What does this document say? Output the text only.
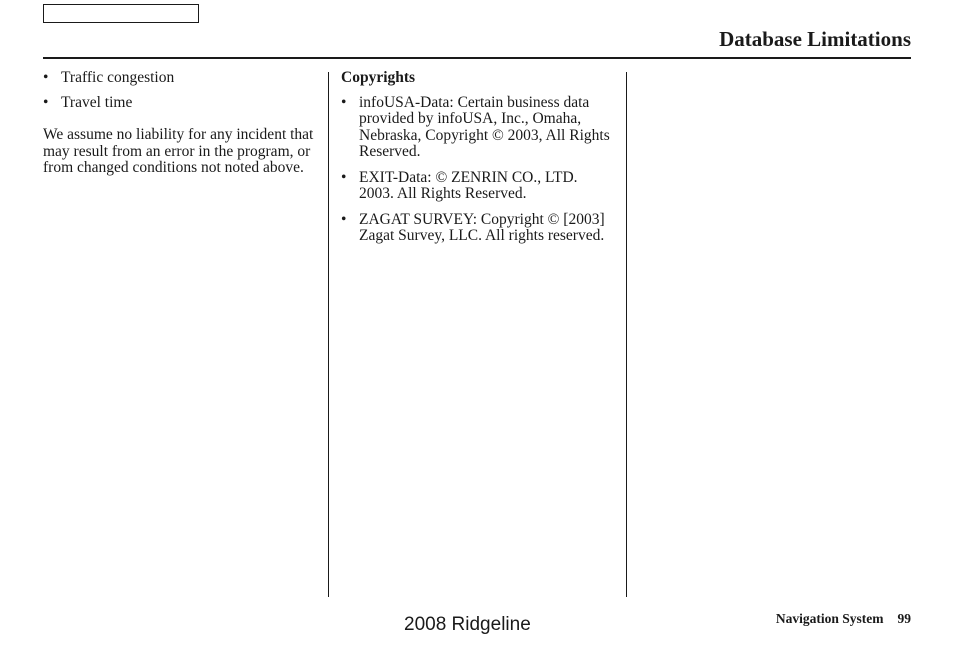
Database Limitations
• Traffic congestion
• Travel time
We assume no liability for any incident that may result from an error in the program, or from changed conditions not noted above.
Copyrights
• infoUSA-Data: Certain business data provided by infoUSA, Inc., Omaha, Nebraska, Copyright © 2003, All Rights Reserved.
• EXIT-Data: © ZENRIN CO., LTD. 2003. All Rights Reserved.
• ZAGAT SURVEY: Copyright © [2003] Zagat Survey, LLC. All rights reserved.
2008 Ridgeline	Navigation System 99
